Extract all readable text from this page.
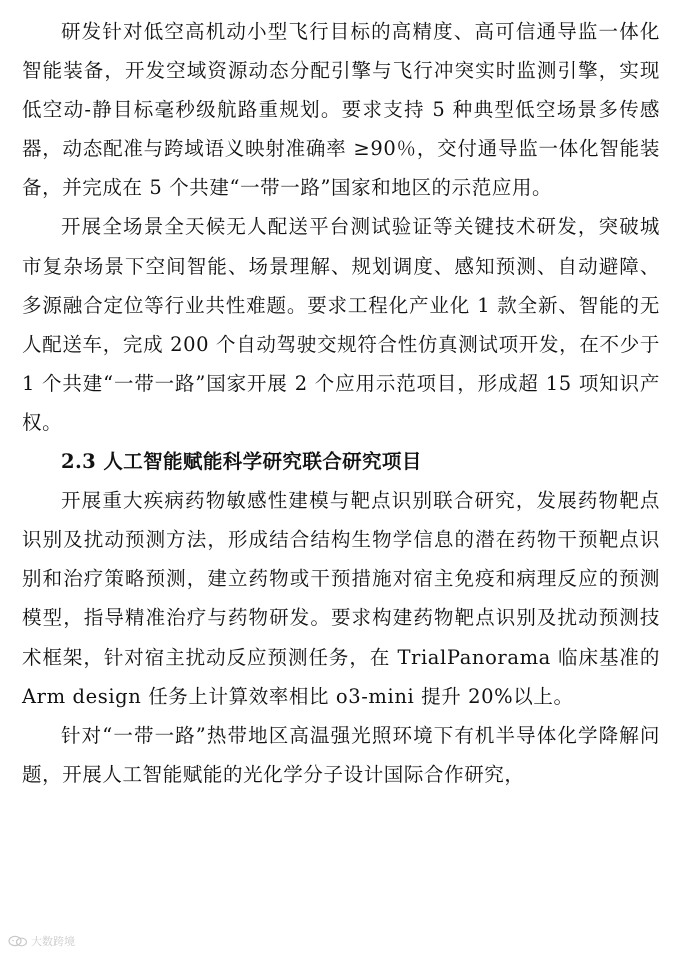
研发针对低空高机动小型飞行目标的高精度、高可信通导监一体化智能装备，开发空域资源动态分配引擎与飞行冲突实时监测引擎，实现低空动-静目标毫秒级航路重规划。要求支持 5 种典型低空场景多传感器，动态配准与跨域语义映射准确率 ≥90％，交付通导监一体化智能装备，并完成在 5 个共建“一带一路”国家和地区的示范应用。

开展全场景全天候无人配送平台测试验证等关键技术研发，突破城市复杂场景下空间智能、场景理解、规划调度、感知预测、自动避障、多源融合定位等行业共性难题。要求工程化产业化 1 款全新、智能的无人配送车，完成 200 个自动驾驶交规符合性仿真测试项开发，在不少于 1 个共建“一带一路”国家开展 2 个应用示范项目，形成超 15 项知识产权。

2.3 人工智能赋能科学研究联合研究项目

开展重大疾病药物敏感性建模与靶点识别联合研究，发展药物靶点识别及扰动预测方法，形成结合结构生物学信息的潜在药物干预靶点识别和治疗策略预测，建立药物或干预措施对宿主免疫和病理反应的预测模型，指导精准治疗与药物研发。要求构建药物靶点识别及扰动预测技术框架，针对宿主扰动反应预测任务，在 TrialPanorama 临床基准的 Arm design 任务上计算效率相比 o3-mini 提升 20%以上。

针对“一带一路”热带地区高温强光照环境下有机半导体化学降解问题，开展人工智能赋能的光化学分子设计国际合作研究，

大数跨境
